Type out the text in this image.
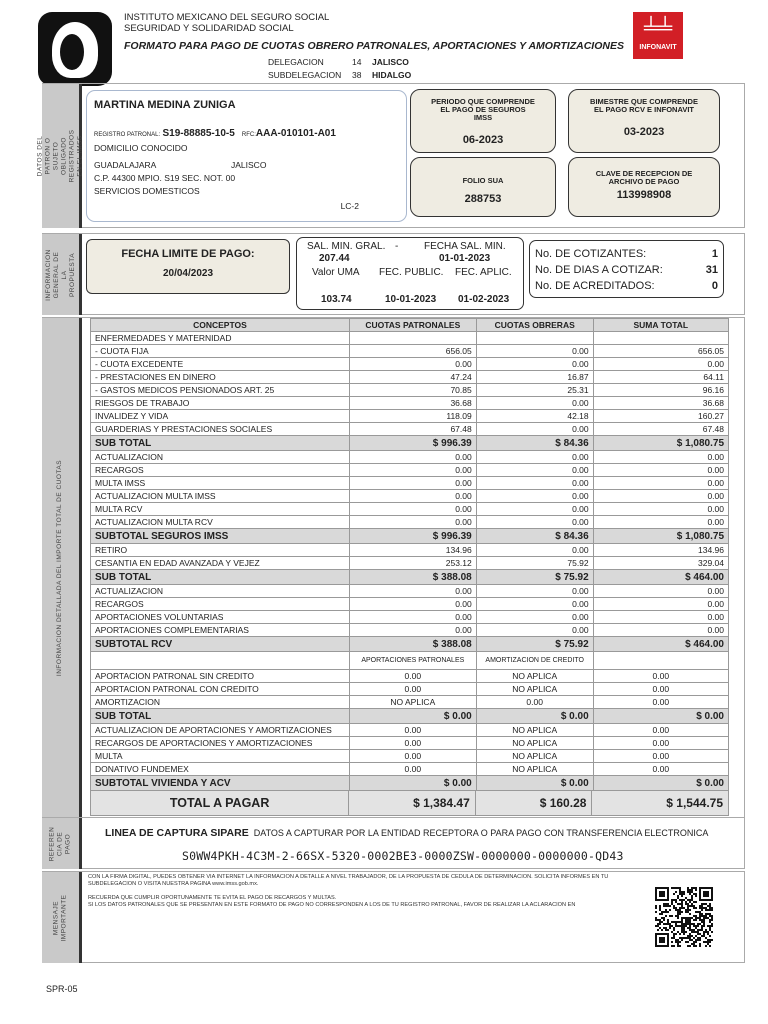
INSTITUTO MEXICANO DEL SEGURO SOCIAL
SEGURIDAD Y SOLIDARIDAD SOCIAL
FORMATO PARA PAGO DE CUOTAS OBRERO PATRONALES, APORTACIONES Y AMORTIZACIONES
DELEGACION	14 JALISCO
SUBDELEGACION 38 HIDALGO
╧╧
INFONAVIT
DATOS DEL PATRON O SUJETO OBLIGADO REGISTRADOS EN EL IMSS
MARTINA MEDINA ZUNIGA
REGISTRO PATRONAL: S19-88885-10-5 RFC:AAA-010101-A01
DOMICILIO CONOCIDO
GUADALAJARA	JALISCO
C.P. 44300 MPIO. S19 SEC. NOT. 00
SERVICIOS DOMESTICOS
LC-2
PERIODO QUE COMPRENDE EL PAGO DE SEGUROS IMSS
06-2023
BIMESTRE QUE COMPRENDE EL PAGO RCV E INFONAVIT
03-2023
FOLIO SUA
288753
CLAVE DE RECEPCION DE ARCHIVO DE PAGO
113998908
INFORMACION GENERAL DE LA PROPUESTA	FECHA LIMITE DE PAGO:
20/04/2023
SAL. MIN. GRAL. -	FECHA SAL. MIN.
207.44	01-01-2023
Valor UMA FEC. PUBLIC. FEC. APLIC.
103.74	10-01-2023 01-02-2023
No. DE COTIZANTES:	1
No. DE DIAS A COTIZAR:	31
No. DE ACREDITADOS:	0
INFORMACION DETALLADA DEL IMPORTE TOTAL DE CUOTAS
CONCEPTOS	CUOTAS PATRONALES	CUOTAS OBRERAS	SUMA TOTAL
ENFERMEDADES Y MATERNIDAD			
- CUOTA FIJA	656.05	0.00	656.05
- CUOTA EXCEDENTE	0.00	0.00	0.00
- PRESTACIONES EN DINERO	47.24	16.87	64.11
- GASTOS MEDICOS PENSIONADOS ART. 25	70.85	25.31	96.16
RIESGOS DE TRABAJO	36.68	0.00	36.68
INVALIDEZ Y VIDA	118.09	42.18	160.27
GUARDERIAS Y PRESTACIONES SOCIALES	67.48	0.00	67.48
SUB TOTAL	$ 996.39	$ 84.36	$ 1,080.75
ACTUALIZACION	0.00	0.00	0.00
RECARGOS	0.00	0.00	0.00
MULTA IMSS	0.00	0.00	0.00
ACTUALIZACION MULTA IMSS	0.00	0.00	0.00
MULTA RCV	0.00	0.00	0.00
ACTUALIZACION MULTA RCV	0.00	0.00	0.00
SUBTOTAL SEGUROS IMSS	$ 996.39	$ 84.36	$ 1,080.75
RETIRO	134.96	0.00	134.96
CESANTIA EN EDAD AVANZADA Y VEJEZ	253.12	75.92	329.04
SUB TOTAL	$ 388.08	$ 75.92	$ 464.00
ACTUALIZACION	0.00	0.00	0.00
RECARGOS	0.00	0.00	0.00
APORTACIONES VOLUNTARIAS	0.00	0.00	0.00
APORTACIONES COMPLEMENTARIAS	0.00	0.00	0.00
SUBTOTAL RCV	$ 388.08	$ 75.92	$ 464.00
	APORTACIONES PATRONALES	AMORTIZACION DE CREDITO	
APORTACION PATRONAL SIN CREDITO	0.00	NO APLICA	0.00
APORTACION PATRONAL CON CREDITO	0.00	NO APLICA	0.00
AMORTIZACION	NO APLICA	0.00	0.00
SUB TOTAL	$ 0.00	$ 0.00	$ 0.00
ACTUALIZACION DE APORTACIONES Y AMORTIZACIONES	0.00	NO APLICA	0.00
RECARGOS DE APORTACIONES Y AMORTIZACIONES	0.00	NO APLICA	0.00
MULTA	0.00	NO APLICA	0.00
DONATIVO FUNDEMEX	0.00	NO APLICA	0.00
SUBTOTAL VIVIENDA Y ACV	$ 0.00	$ 0.00	$ 0.00
TOTAL A PAGAR	$ 1,384.47	$ 160.28	$ 1,544.75
REFEREN CIA DE PAGO
LINEA DE CAPTURA SIPARE DATOS A CAPTURAR POR LA ENTIDAD RECEPTORA O PARA PAGO CON TRANSFERENCIA ELECTRONICA
S0WW4PKH-4C3M-2-66SX-5320-0002BE3-0000ZSW-0000000-0000000-QD43
MENSAJE IMPORTANTE
CON LA FIRMA DIGITAL, PUEDES OBTENER VIA INTERNET LA INFORMACION A DETALLE A NIVEL TRABAJADOR, DE LA PROPUESTA DE CEDULA DE DETERMINACION. SOLICITA INFORMES EN TU
SUBDELEGACION O VISITA NUESTRA PAGINA www.imss.gob.mx.
RECUERDA QUE CUMPLIR OPORTUNAMENTE TE EVITA EL PAGO DE RECARGOS Y MULTAS.
SI LOS DATOS PATRONALES QUE SE PRESENTAN EN ESTE FORMATO DE PAGO NO CORRESPONDEN A LOS DE TU REGISTRO PATRONAL, FAVOR DE REALIZAR LA ACLARACION EN
SPR-05
